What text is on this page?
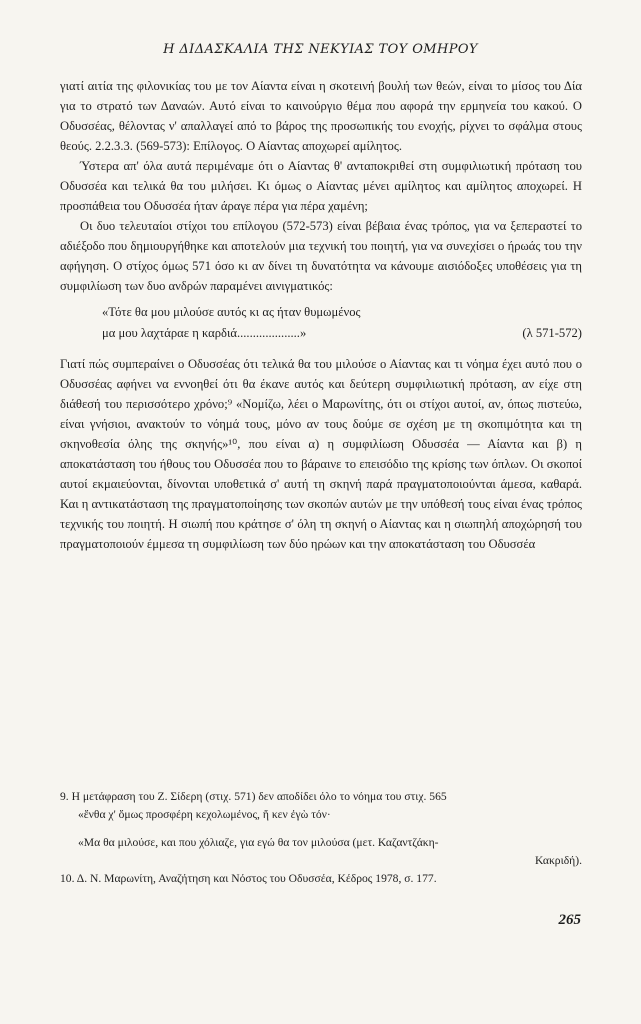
Η ΔΙΔΑΣΚΑΛΙΑ ΤΗΣ ΝΕΚΥΙΑΣ ΤΟΥ ΟΜΗΡΟΥ

γιατί αιτία της φιλονικίας του με τον Αίαντα είναι η σκοτεινή βουλή των θεών, είναι το μίσος του Δία για το στρατό των Δαναών. Αυτό είναι το καινούργιο θέμα που αφορά την ερμηνεία του κακού. Ο Οδυσσέας, θέλοντας ν' απαλλαγεί από το βάρος της προσωπικής του ενοχής, ρίχνει το σφάλμα στους θεούς. 2.2.3.3. (569-573): Επίλογος. Ο Αίαντας αποχωρεί αμίλητος.

Ύστερα απ' όλα αυτά περιμέναμε ότι ο Αίαντας θ' ανταποκριθεί στη συμφιλιωτική πρόταση του Οδυσσέα και τελικά θα του μιλήσει. Κι όμως ο Αίαντας μένει αμίλητος και αμίλητος αποχωρεί. Η προσπάθεια του Οδυσσέα ήταν άραγε πέρα για πέρα χαμένη;

Οι δυο τελευταίοι στίχοι του επίλογου (572-573) είναι βέβαια ένας τρόπος, για να ξεπεραστεί το αδιέξοδο που δημιουργήθηκε και αποτελούν μια τεχνική του ποιητή, για να συνεχίσει ο ήρωάς του την αφήγηση. Ο στίχος όμως 571 όσο κι αν δίνει τη δυνατότητα να κάνουμε αισιόδοξες υποθέσεις για τη συμφιλίωση των δυο ανδρών παραμένει αινιγματικός:

«Τότε θα μου μιλούσε αυτός κι ας ήταν θυμωμένος
μα μου λαχτάραε η καρδιά....................»	(λ 571-572)

Γιατί πώς συμπεραίνει ο Οδυσσέας ότι τελικά θα του μιλούσε ο Αίαντας και τι νόημα έχει αυτό που ο Οδυσσέας αφήνει να εννοηθεί ότι θα έκανε αυτός και δεύτερη συμφιλιωτική πρόταση, αν είχε στη διάθεσή του περισσότερο χρόνο;⁹ «Νομίζω, λέει ο Μαρωνίτης, ότι οι στίχοι αυτοί, αν, όπως πιστεύω, είναι γνήσιοι, ανακτούν το νόημά τους, μόνο αν τους δούμε σε σχέση με τη σκοπιμότητα και τη σκηνοθεσία όλης της σκηνής»¹⁰, που είναι α) η συμφιλίωση Οδυσσέα — Αίαντα και β) η αποκατάσταση του ήθους του Οδυσσέα που το βάραινε το επεισόδιο της κρίσης των όπλων. Οι σκοποί αυτοί εκμαιεύονται, δίνονται υποθετικά σ' αυτή τη σκηνή παρά πραγματοποιούνται άμεσα, καθαρά. Και η αντικατάσταση της πραγματοποίησης των σκοπών αυτών με την υπόθεσή τους είναι ένας τρόπος τεχνικής του ποιητή. Η σιωπή που κράτησε σ' όλη τη σκηνή ο Αίαντας και η σιωπηλή αποχώρησή του πραγματοποιούν έμμεσα τη συμφιλίωση των δύο ηρώων και την αποκατάσταση του Οδυσσέα

9. Η μετάφραση του Ζ. Σίδερη (στιχ. 571) δεν αποδίδει όλο το νόημα του στιχ. 565

«ἔνθα χ' ὅμως προσφέρη κεχολωμένος, ἤ κεν ἐγὼ τόν·

«Μα θα μιλούσε, και που χόλιαζε, για εγώ θα τον μιλούσα (μετ. Καζαντζάκη-

Κακριδή).

10. Δ. Ν. Μαρωνίτη, Αναζήτηση και Νόστος του Οδυσσέα, Κέδρος 1978, σ. 177.

265
